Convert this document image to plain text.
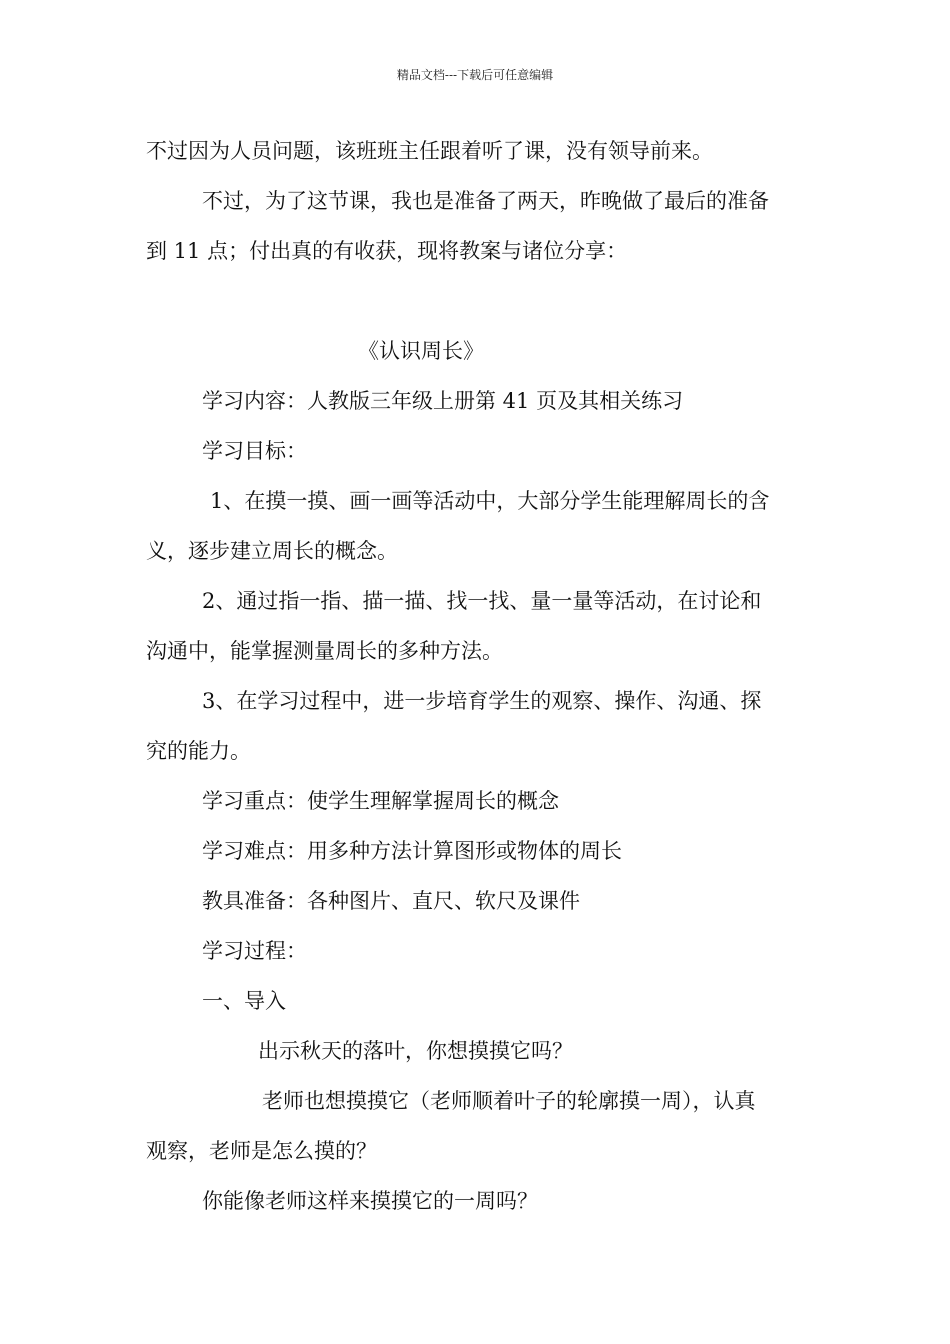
精品文档---下载后可任意编辑
不过因为人员问题，该班班主任跟着听了课，没有领导前来。
不过，为了这节课，我也是准备了两天，昨晚做了最后的准备
到 11 点；付出真的有收获，现将教案与诸位分享：
《认识周长》
学习内容：人教版三年级上册第 41 页及其相关练习
学习目标：
1、在摸一摸、画一画等活动中，大部分学生能理解周长的含
义，逐步建立周长的概念。
2、通过指一指、描一描、找一找、量一量等活动，在讨论和
沟通中，能掌握测量周长的多种方法。
3、在学习过程中，进一步培育学生的观察、操作、沟通、探
究的能力。
学习重点：使学生理解掌握周长的概念
学习难点：用多种方法计算图形或物体的周长
教具准备：各种图片、直尺、软尺及课件
学习过程：
一、导入
出示秋天的落叶，你想摸摸它吗？
老师也想摸摸它（老师顺着叶子的轮廓摸一周），认真
观察，老师是怎么摸的？
你能像老师这样来摸摸它的一周吗？
